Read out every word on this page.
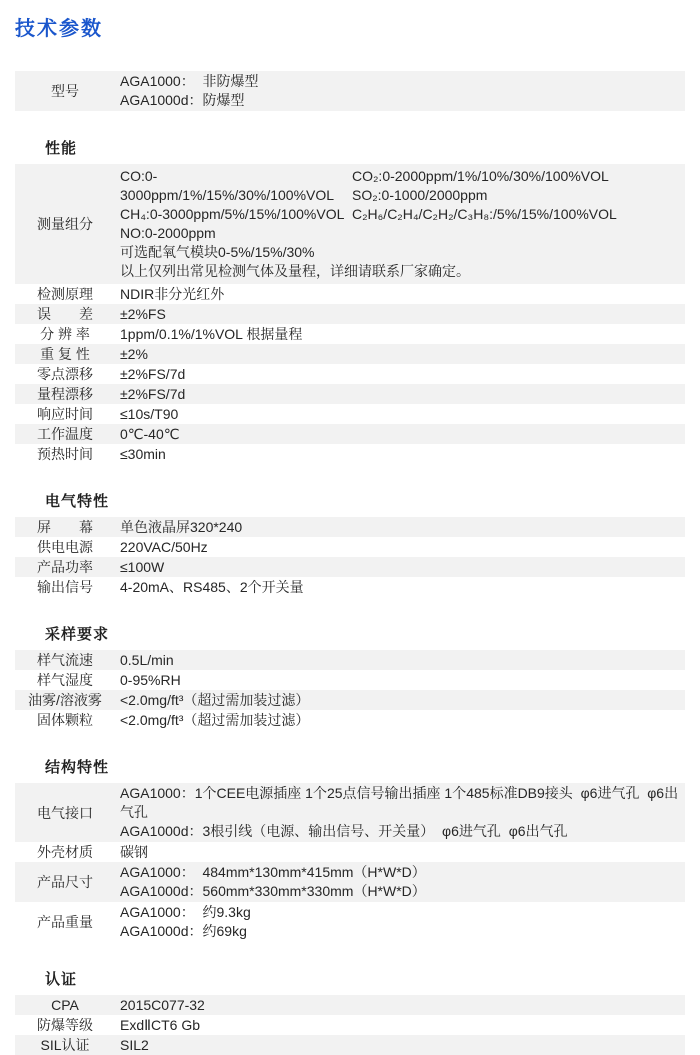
技术参数
型号
AGA1000：  非防爆型
AGA1000d：防爆型
性能
测量组分
CO:0-3000ppm/1%/15%/30%/100%VOL
CH₄:0-3000ppm/5%/15%/100%VOL
NO:0-2000ppm
CO₂:0-2000ppm/1%/10%/30%/100%VOL
SO₂:0-1000/2000ppm
C₂H₆/C₂H₄/C₂H₂/C₃H₈:/5%/15%/100%VOL
可选配氧气模块0-5%/15%/30%
以上仅列出常见检测气体及量程，详细请联系厂家确定。
检测原理	NDIR非分光红外
误　　差	±2%FS
分 辨 率	1ppm/0.1%/1%VOL 根据量程
重 复 性	±2%
零点漂移	±2%FS/7d
量程漂移	±2%FS/7d
响应时间	≤10s/T90
工作温度	0℃-40℃
预热时间	≤30min
电气特性
屏　　幕	单色液晶屏320*240
供电电源	220VAC/50Hz
产品功率	≤100W
输出信号	4-20mA、RS485、2个开关量
采样要求
样气流速	0.5L/min
样气湿度	0-95%RH
油雾/溶液雾	<2.0mg/ft³（超过需加装过滤）
固体颗粒	<2.0mg/ft³（超过需加装过滤）
结构特性
电气接口
AGA1000：1个CEE电源插座 1个25点信号输出插座 1个485标准DB9接头  φ6进气孔  φ6出气孔
AGA1000d：3根引线（电源、输出信号、开关量）  φ6进气孔  φ6出气孔
外壳材质	碳钢
产品尺寸
AGA1000：  484mm*130mm*415mm（H*W*D）
AGA1000d：560mm*330mm*330mm（H*W*D）
产品重量
AGA1000：  约9.3kg
AGA1000d：约69kg
认证
CPA	2015C077-32
防爆等级	ExdⅡCT6 Gb
SIL认证	SIL2
